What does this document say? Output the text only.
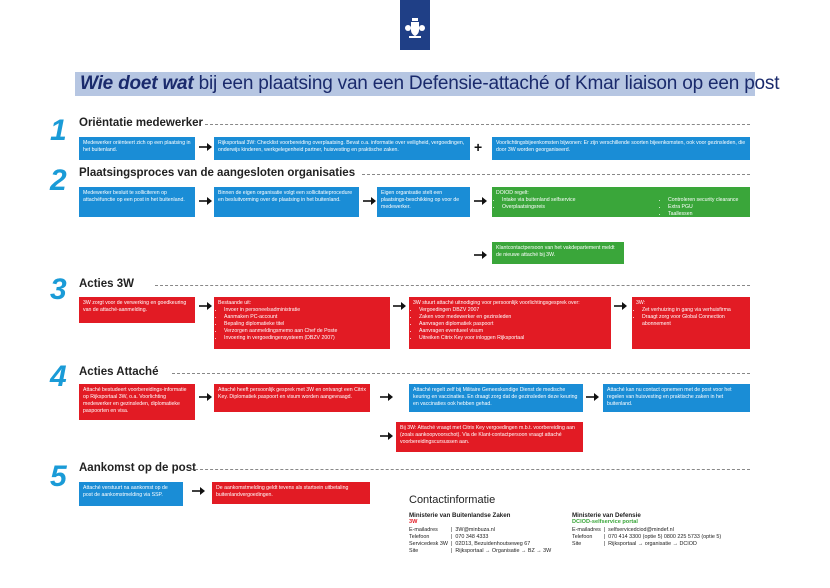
Wie doet wat bij een plaatsing van een Defensie-attaché of Kmar liaison op een post
1 Oriëntatie medewerker
Medewerker oriënteert zich op een plaatsing in het buitenland.
Rijksportaal 3W: Checklist voorbereiding overplaatsing. Bevat o.a. informatie over veiligheid, vergoedingen, onderwijs kinderen, werkgelegenheid partner, huisvesting en praktische zaken.	+	Voorlichtingsbijeenkomsten bijwonen: Er zijn verschillende soorten bijeenkomsten, ook voor gezinsleden, die door 3W worden georganiseerd.
2 Plaatsingsproces van de aangesloten organisaties
Medewerker besluit te solliciteren op attachéfunctie op een post in het buitenland.
Binnen de eigen organisatie volgt een sollicitatieprocedure en besluitvorming over de plaatsing in het buitenland.
Eigen organisatie stelt een plaatsings-beschikking op voor de medewerker.
DOIOD regelt:
• Intake via buitenland selfservice
• Overplaatsingsreis
• Controleren security clearance
• Extra PGU
• Taallessen
Klantcontactpersoon van het vakdepartement meldt de nieuwe attaché bij 3W.
3 Acties 3W
3W zorgt voor de verwerking en goedkeuring van de attaché-aanmelding.
Bestaande uit:
• Invoer in personeelsadministratie
• Aanmaken PC-account
• Bepaling diplomatieke titel
• Verzorgen aanmeldingsmemo aan Chef de Poste
• Invoering in vergoedingensysteem (DBZV 2007)
3W stuurt attaché uitnodiging voor persoonlijk voorlichtingsgesprek over:
• Vergoedingen DBZV 2007
• Zaken voor medewerker en gezinsleden
• Aanvragen diplomatiek paspoort
• Aanvragen eventueel visum
• Uitreiken Citrix Key voor inloggen Rijksportaal
3W:
• Zet verhuizing in gang via verhuisfirma
• Draagt zorg voor Global Connection abonnement
4 Acties Attaché
Attaché bestudeert voorbereidings-informatie op Rijksportaal 3W, o.a. Voorlichting medewerker en gezinsleden, diplomatieke paspoorten en visa.
Attaché heeft persoonlijk gesprek met 3W en ontvangt een Citrix Key. Diplomatiek paspoort en visum worden aangevraagd.
Attaché regelt zelf bij Militaire Geneeskundige Dienst de medische keuring en vaccinaties. En draagt zorg dat de gezinsleden deze keuring en vaccinaties ook hebben gehad.
Attaché kan nu contact opnemen met de post voor het regelen van huisvesting en praktische zaken in het buitenland.
Bij 3W: Attaché vraagt met Citrix Key vergoedingen m.b.t. voorbereiding aan (zoals aankoopvoorschot). Via de Klant-contactpersoon vraagt attaché voorbereidingscursussen aan.
5 Aankomst op de post
Attaché verstuurt na aankomst op de post de aankomstmelding via SSP.
De aankomstmelding geldt tevens als startsein uitbetaling buitenlandvergoedingen.	Contactinformatie
Ministerie van Buitenlandse Zaken
3W
E-mailadres	|	3W@minbuza.nl
Telefoon	|	070 348 4333
Servicedesk 3W	|	02D13, Bezuidenhoutseweg 67
Site	|	Rijksportaal → Organisatie → BZ → 3W
Ministerie van Defensie
DCIOD-selfservice portal
E-mailadres	|	selfservicedciod@mindef.nl
Telefoon	|	070 414 3300 (optie 5) 0800 225 5733 (optie 5)
Site	|	Rijksportaal → organisatie → DCIOD
